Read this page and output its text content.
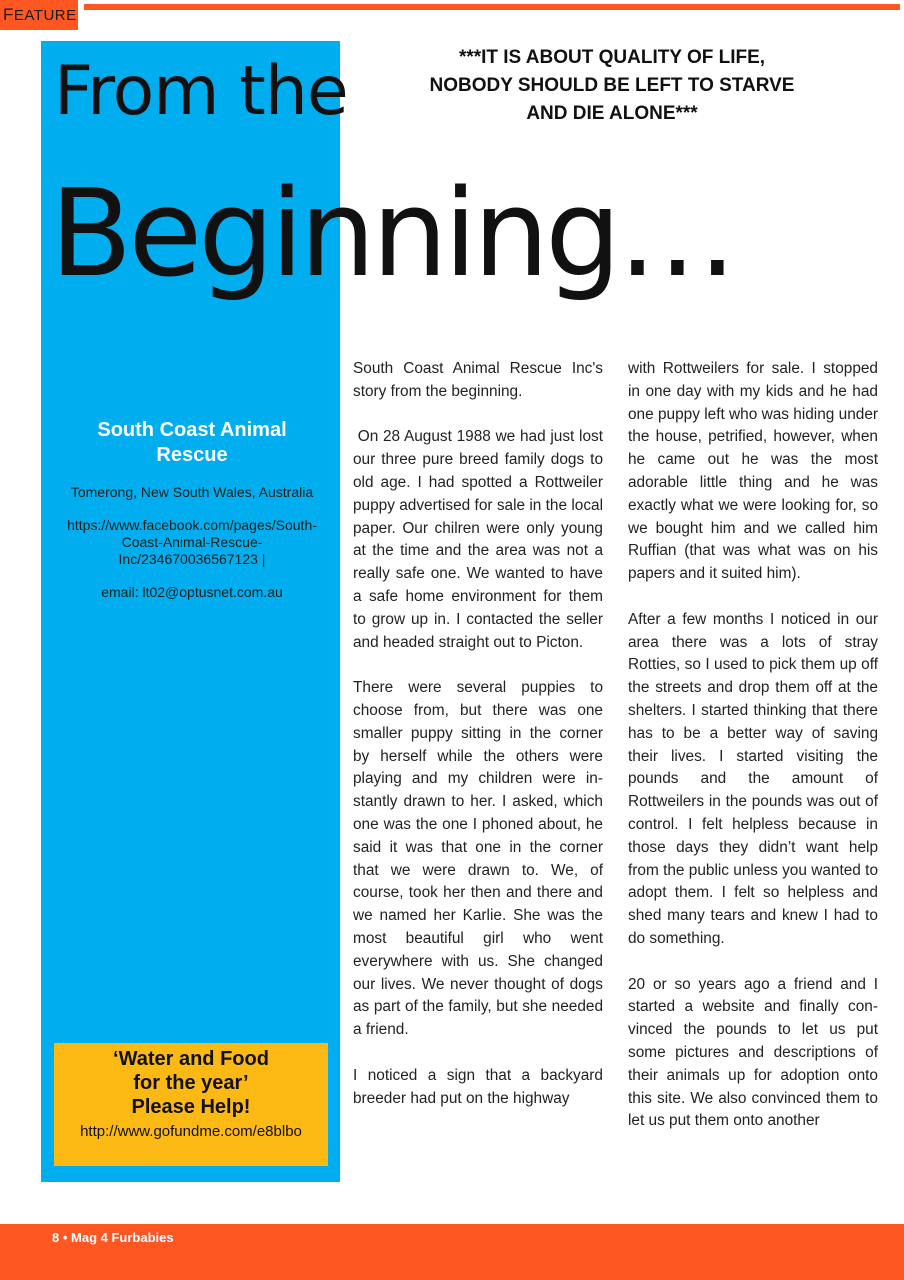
FEATURE
From the
Beginning…
***IT IS ABOUT QUALITY OF LIFE, NOBODY SHOULD BE LEFT TO STARVE AND DIE ALONE***
South Coast Animal Rescue

Tomerong, New South Wales, Australia

https://www.facebook.com/pages/South-Coast-Animal-Rescue-Inc/234670036567123 |

email: lt02@optusnet.com.au

‘Water and Food
for the year’
Please Help!
http://www.gofundme.com/e8blbo

South Coast Animal Rescue Inc's story from the beginning.

On 28 August 1988 we had just lost our three pure breed family dogs to old age. I had spotted a Rottweiler puppy advertised for sale in the local paper. Our chilren were only young at the time and the area was not a really safe one. We wanted to have a safe home environment for them to grow up in. I contacted the seller and headed straight out to Picton.

There were several puppies to choose from, but there was one smaller puppy sitting in the corner by herself while the others were playing and my children were instantly drawn to her. I asked, which one was the one I phoned about, he said it was that one in the corner that we were drawn to. We, of course, took her then and there and we named her Karlie. She was the most beautiful girl who went everywhere with us. She changed our lives. We never thought of dogs as part of the family, but she needed a friend.

I noticed a sign that a backyard breeder had put on the highway

with Rottweilers for sale. I stopped in one day with my kids and he had one puppy left who was hiding under the house, petrified, however, when he came out he was the most adorable little thing and he was exactly what we were looking for, so we bought him and we called him Ruffian (that was what was on his papers and it suited him).

After a few months I noticed in our area there was a lots of stray Rotties, so I used to pick them up off the streets and drop them off at the shelters. I started thinking that there has to be a better way of saving their lives. I started visiting the pounds and the amount of Rottweilers in the pounds was out of control. I felt helpless because in those days they didn’t want help from the public unless you wanted to adopt them. I felt so helpless and shed many tears and knew I had to do something.

20 or so years ago a friend and I started a website and finally convinced the pounds to let us put some pictures and descriptions of their animals up for adoption onto this site. We also convinced them to let us put them onto another

8 • Mag 4 Furbabies
